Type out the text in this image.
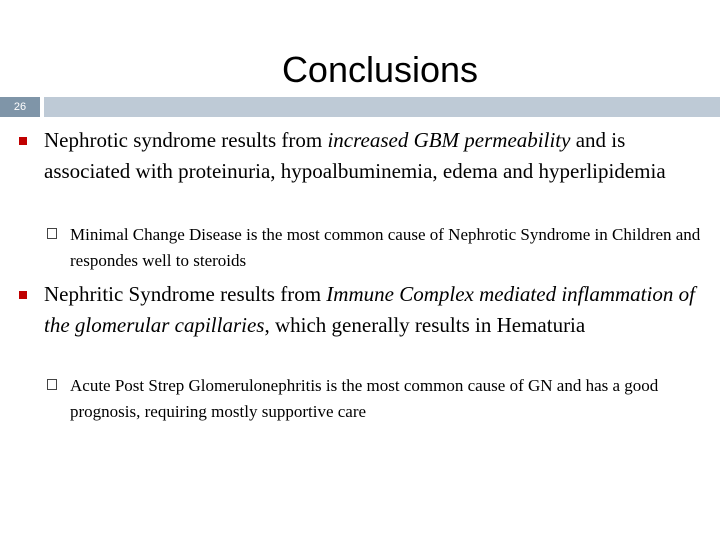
Conclusions
26
Nephrotic syndrome results from increased GBM permeability and is associated with proteinuria, hypoalbuminemia, edema and hyperlipidemia
Minimal Change Disease is the most common cause of Nephrotic Syndrome in Children and respondes well to steroids
Nephritic Syndrome results from Immune Complex mediated inflammation of the glomerular capillaries, which generally results in Hematuria
Acute Post Strep Glomerulonephritis is the most common cause of GN and has a good prognosis, requiring mostly supportive care
